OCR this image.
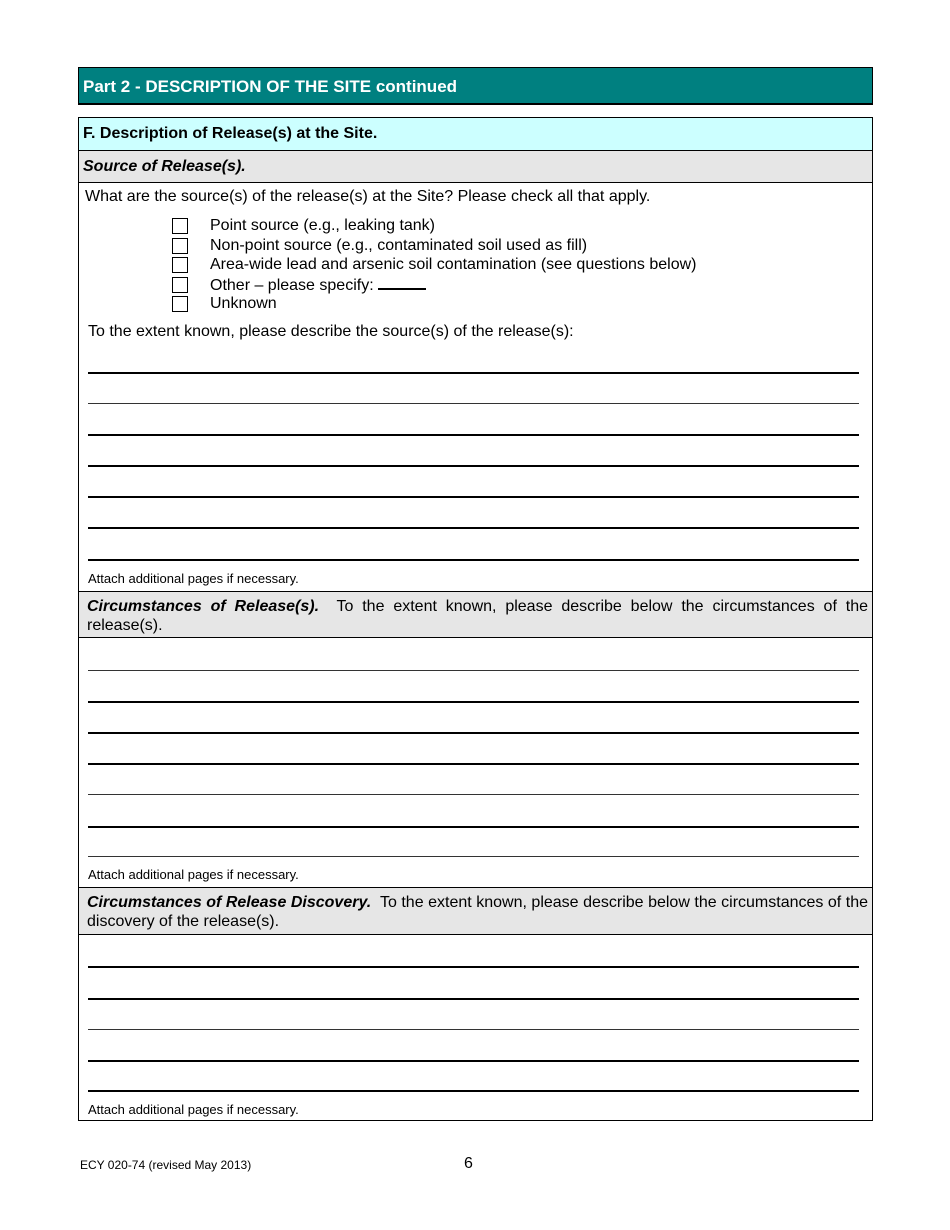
Part 2 - DESCRIPTION OF THE SITE continued
F. Description of Release(s) at the Site.
Source of Release(s).
What are the source(s) of the release(s) at the Site? Please check all that apply.
Point source (e.g., leaking tank)
Non-point source (e.g., contaminated soil used as fill)
Area-wide lead and arsenic soil contamination (see questions below)
Other – please specify:
Unknown
To the extent known, please describe the source(s) of the release(s):
Attach additional pages if necessary.
Circumstances of Release(s). To the extent known, please describe below the circumstances of the release(s).
Attach additional pages if necessary.
Circumstances of Release Discovery. To the extent known, please describe below the circumstances of the discovery of the release(s).
Attach additional pages if necessary.
ECY 020-74 (revised May 2013)	6
